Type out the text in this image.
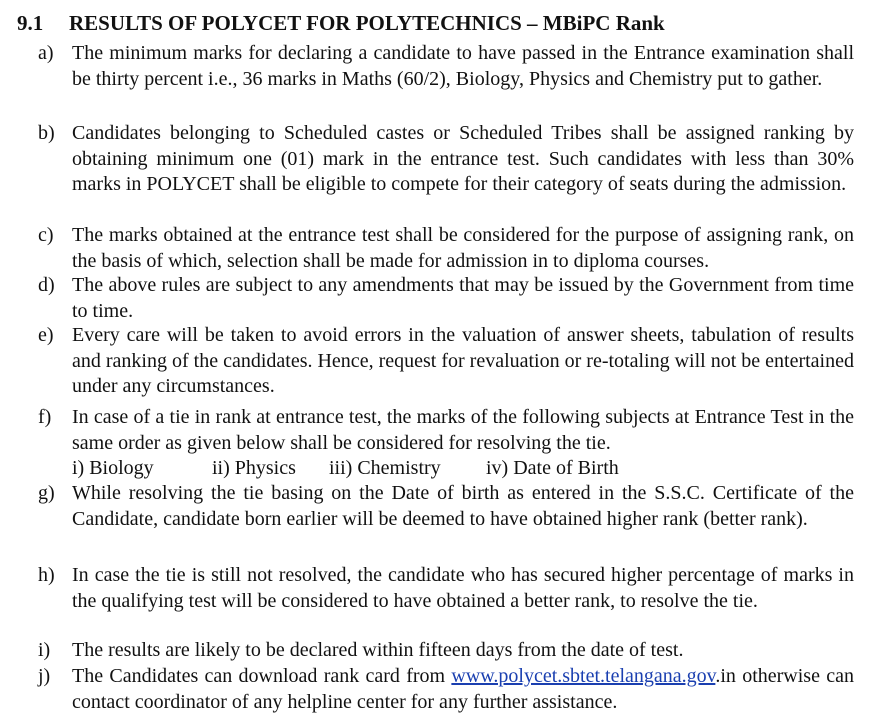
9.1 RESULTS OF POLYCET FOR POLYTECHNICS – MBiPC Rank
a) The minimum marks for declaring a candidate to have passed in the Entrance examination shall be thirty percent i.e., 36 marks in Maths (60/2), Biology, Physics and Chemistry put to gather.
b) Candidates belonging to Scheduled castes or Scheduled Tribes shall be assigned ranking by obtaining minimum one (01) mark in the entrance test. Such candidates with less than 30% marks in POLYCET shall be eligible to compete for their category of seats during the admission.
c) The marks obtained at the entrance test shall be considered for the purpose of assigning rank, on the basis of which, selection shall be made for admission in to diploma courses.
d) The above rules are subject to any amendments that may be issued by the Government from time to time.
e) Every care will be taken to avoid errors in the valuation of answer sheets, tabulation of results and ranking of the candidates. Hence, request for revaluation or re-totaling will not be entertained under any circumstances.
f)	In case of a tie in rank at entrance test, the marks of the following subjects at Entrance Test in the same order as given below shall be considered for resolving the tie.
i) Biology	ii) Physics	iii) Chemistry	iv) Date of Birth
g) While resolving the tie basing on the Date of birth as entered in the S.S.C. Certificate of the Candidate, candidate born earlier will be deemed to have obtained higher rank (better rank).
h) In case the tie is still not resolved, the candidate who has secured higher percentage of marks in the qualifying test will be considered to have obtained a better rank, to resolve the tie.
i)	The results are likely to be declared within fifteen days from the date of test.
j)	The Candidates can download rank card from www.polycet.sbtet.telangana.gov.in otherwise can contact coordinator of any helpline center for any further assistance.
